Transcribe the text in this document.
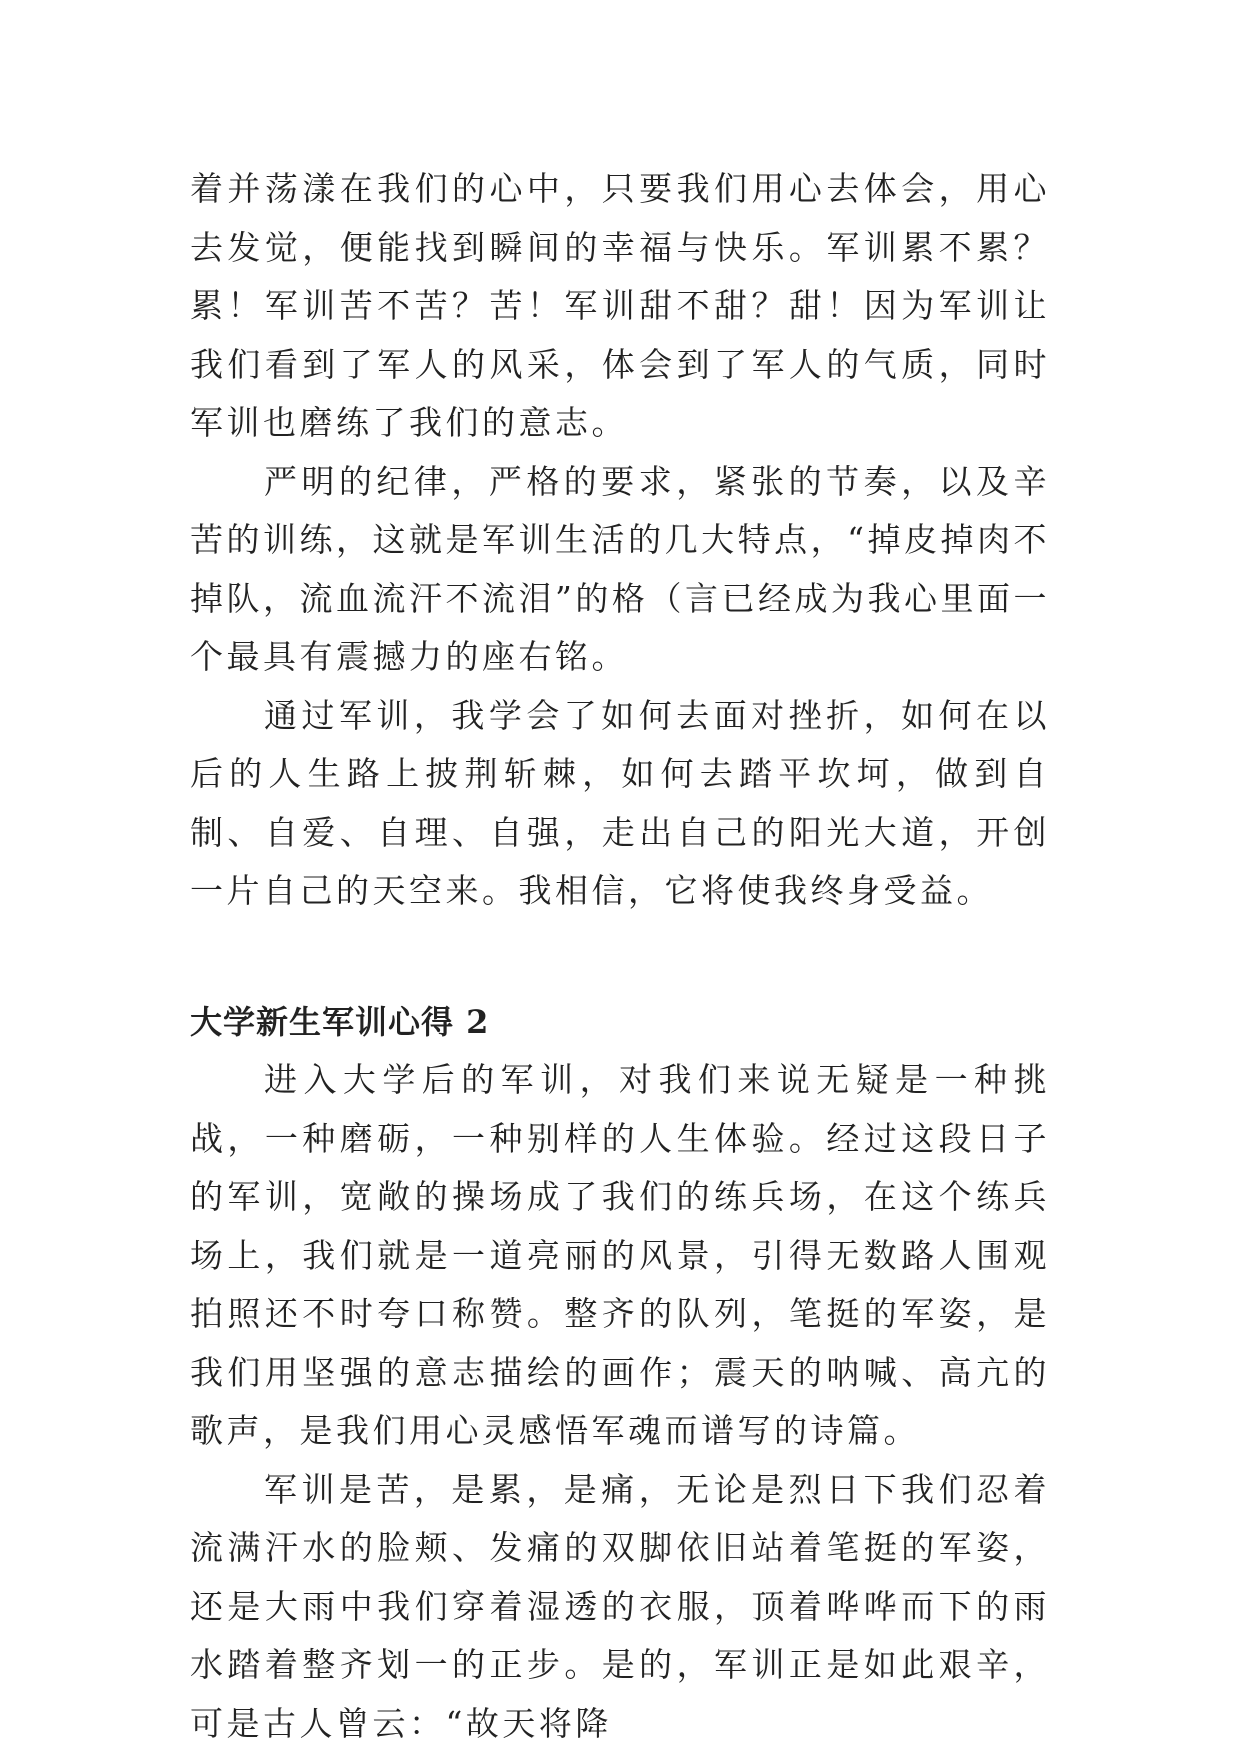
着并荡漾在我们的心中，只要我们用心去体会，用心去发觉，便能找到瞬间的幸福与快乐。军训累不累？累！军训苦不苦？苦！军训甜不甜？甜！因为军训让我们看到了军人的风采，体会到了军人的气质，同时军训也磨练了我们的意志。

严明的纪律，严格的要求，紧张的节奏，以及辛苦的训练，这就是军训生活的几大特点，“掉皮掉肉不掉队，流血流汗不流泪”的格（言已经成为我心里面一个最具有震撼力的座右铭。

通过军训，我学会了如何去面对挫折，如何在以后的人生路上披荆斩棘，如何去踏平坎坷，做到自制、自爱、自理、自强，走出自己的阳光大道，开创一片自己的天空来。我相信，它将使我终身受益。

大学新生军训心得 2

进入大学后的军训，对我们来说无疑是一种挑战，一种磨砺，一种别样的人生体验。经过这段日子的军训，宽敞的操场成了我们的练兵场，在这个练兵场上，我们就是一道亮丽的风景，引得无数路人围观拍照还不时夸口称赞。整齐的队列，笔挺的军姿，是我们用坚强的意志描绘的画作；震天的呐喊、高亢的歌声，是我们用心灵感悟军魂而谱写的诗篇。

军训是苦，是累，是痛，无论是烈日下我们忍着流满汗水的脸颊、发痛的双脚依旧站着笔挺的军姿，还是大雨中我们穿着湿透的衣服，顶着哗哗而下的雨水踏着整齐划一的正步。是的，军训正是如此艰辛，可是古人曾云：“故天将降
